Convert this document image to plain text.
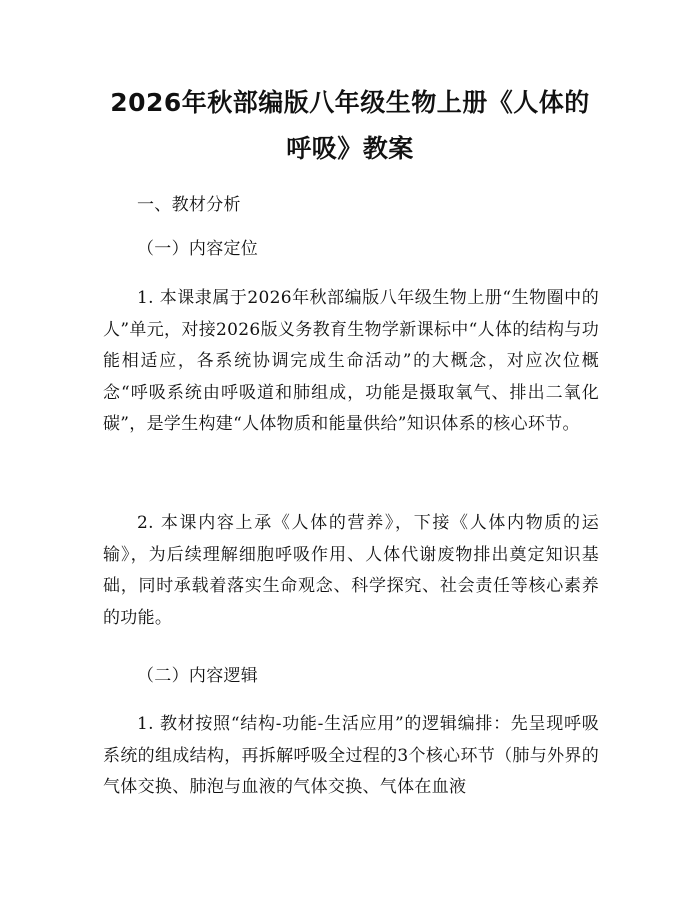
2026年秋部编版八年级生物上册《人体的呼吸》教案
一、教材分析
（一）内容定位
1. 本课隶属于2026年秋部编版八年级生物上册“生物圈中的人”单元，对接2026版义务教育生物学新课标中“人体的结构与功能相适应，各系统协调完成生命活动”的大概念，对应次位概念“呼吸系统由呼吸道和肺组成，功能是摄取氧气、排出二氧化碳”，是学生构建“人体物质和能量供给”知识体系的核心环节。
2. 本课内容上承《人体的营养》，下接《人体内物质的运输》，为后续理解细胞呼吸作用、人体代谢废物排出奠定知识基础，同时承载着落实生命观念、科学探究、社会责任等核心素养的功能。
（二）内容逻辑
1. 教材按照“结构-功能-生活应用”的逻辑编排：先呈现呼吸系统的组成结构，再拆解呼吸全过程的3个核心环节（肺与外界的气体交换、肺泡与血液的气体交换、气体在血液
